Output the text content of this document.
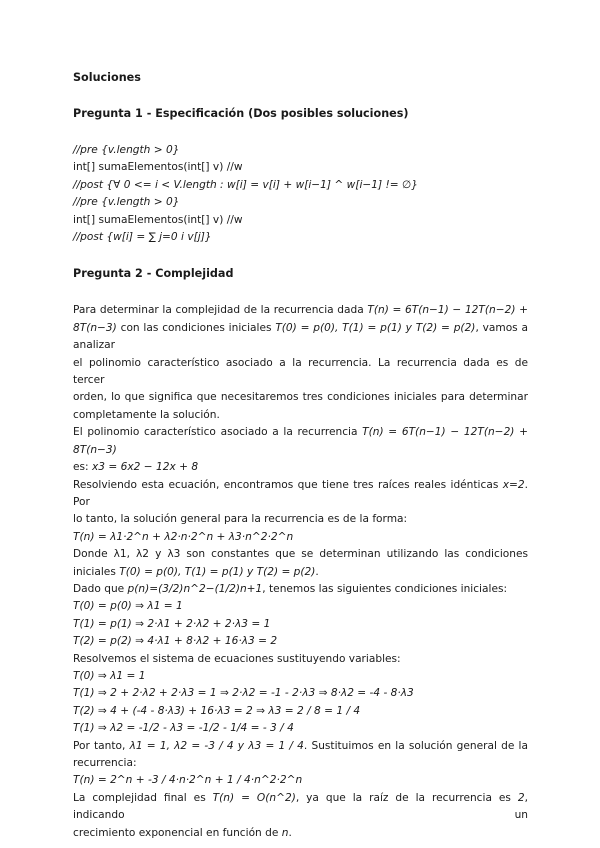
Soluciones

Pregunta 1 - Especificación (Dos posibles soluciones)

//pre {v.length > 0}

int[] sumaElementos(int[] v) //w

//post {∀ 0 <= i < V.length : w[i] = v[i] + w[i−1] ^ w[i−1] != ∅}

//pre {v.length > 0}

int[] sumaElementos(int[] v) //w

//post {w[i] = ∑ j=0 i v[j]}

Pregunta 2 - Complejidad

Para determinar la complejidad de la recurrencia dada T(n) = 6T(n−1) − 12T(n−2) +

8T(n−3) con las condiciones iniciales T(0) = p(0), T(1) = p(1) y T(2) = p(2), vamos a analizar

el polinomio característico asociado a la recurrencia. La recurrencia dada es de tercer

orden, lo que significa que necesitaremos tres condiciones iniciales para determinar

completamente la solución.

El polinomio característico asociado a la recurrencia T(n) = 6T(n−1) − 12T(n−2) + 8T(n−3)

es: x3 = 6x2 − 12x + 8

Resolviendo esta ecuación, encontramos que tiene tres raíces reales idénticas x=2. Por

lo tanto, la solución general para la recurrencia es de la forma:

T(n) = λ1·2^n + λ2·n·2^n + λ3·n^2·2^n

Donde λ1, λ2 y λ3 son constantes que se determinan utilizando las condiciones

iniciales T(0) = p(0), T(1) = p(1) y T(2) = p(2).

Dado que p(n)=(3/2)n^2−(1/2)n+1, tenemos las siguientes condiciones iniciales:

T(0) = p(0) ⇒ λ1 = 1

T(1) = p(1) ⇒ 2·λ1 + 2·λ2 + 2·λ3 = 1

T(2) = p(2) ⇒ 4·λ1 + 8·λ2 + 16·λ3 = 2

Resolvemos el sistema de ecuaciones sustituyendo variables:

T(0) ⇒ λ1 = 1

T(1) ⇒ 2 + 2·λ2 + 2·λ3 = 1 ⇒ 2·λ2 = -1 - 2·λ3 ⇒ 8·λ2 = -4 - 8·λ3

T(2) ⇒ 4 + (-4 - 8·λ3) + 16·λ3 = 2 ⇒ λ3 = 2 / 8 = 1 / 4

T(1) ⇒ λ2 = -1/2 - λ3 = -1/2 - 1/4 = - 3 / 4

Por tanto, λ1 = 1, λ2 = -3 / 4 y λ3 = 1 / 4. Sustituimos en la solución general de la

recurrencia:

T(n) = 2^n + -3 / 4·n·2^n + 1 / 4·n^2·2^n

La complejidad final es T(n) = O(n^2), ya que la raíz de la recurrencia es 2, indicando un

crecimiento exponencial en función de n.
